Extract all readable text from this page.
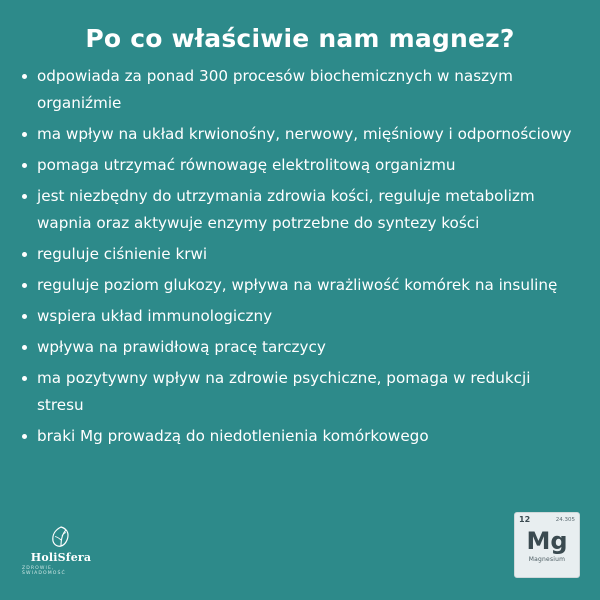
Po co właściwie nam magnez?
odpowiada za ponad 300 procesów biochemicznych w naszym organiźmie
ma wpływ na układ krwionośny, nerwowy, mięśniowy i odpornościowy
pomaga utrzymać równowagę elektrolitową organizmu
jest niezbędny do utrzymania zdrowia kości, reguluje metabolizm wapnia oraz aktywuje enzymy potrzebne do syntezy kości
reguluje ciśnienie krwi
reguluje poziom glukozy, wpływa na wrażliwość komórek na insulinę
wspiera układ immunologiczny
wpływa na prawidłową pracę tarczycy
ma pozytywny wpływ na zdrowie psychiczne, pomaga w redukcji stresu
braki Mg prowadzą do niedotlenienia komórkowego
HoliSfera
ZDROWIE, ŚWIADOMOŚĆ
12	24.305
Mg
Magnesium
